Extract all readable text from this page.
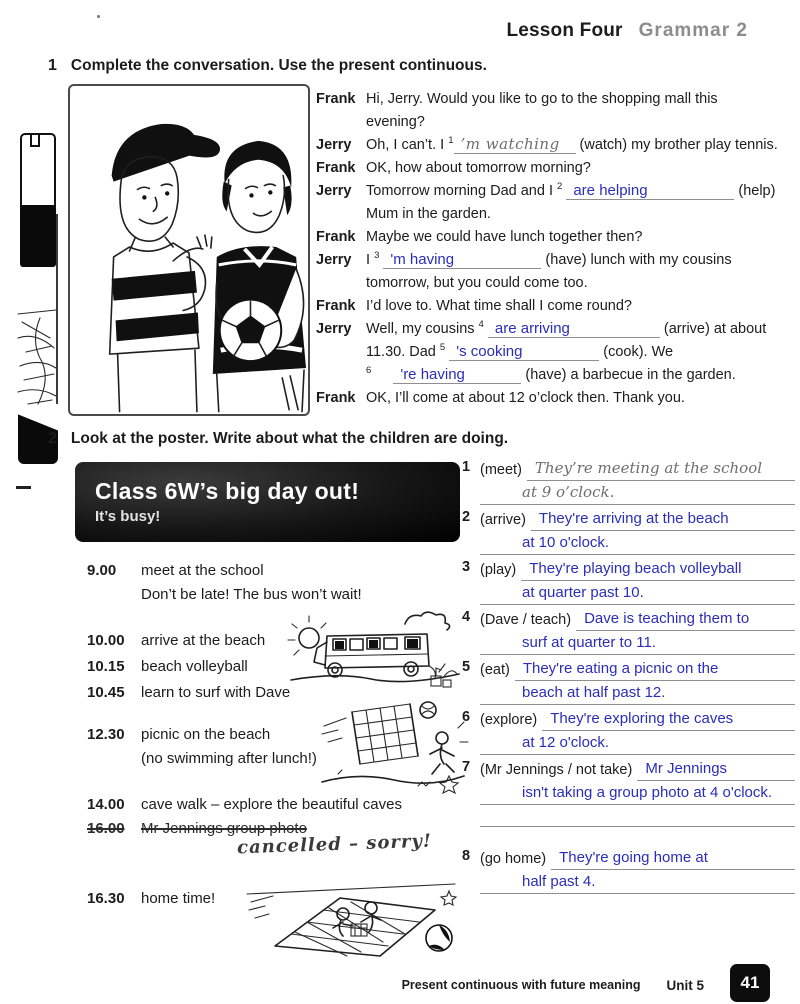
Lesson Four Grammar 2
1 Complete the conversation. Use the present continuous.
Frank Hi, Jerry. Would you like to go to the shopping mall this
evening?
Jerry	Oh, I can’t. I $^1$ ’m watching (watch) my brother play tennis.
Frank OK, how about tomorrow morning?
Jerry	Tomorrow morning Dad and I $^2$ are helping	(help)
Mum in the garden.
Frank Maybe we could have lunch together then?
Jerry	I $^3$ 'm having	(have) lunch with my cousins
tomorrow, but you could come too.
Frank I’d love to. What time shall I come round?
Jerry	Well, my cousins $^4$ are arriving	(arrive) at about
11.30. Dad $^5$ 's cooking	(cook). We
$^6$ 're having	(have) a barbecue in the garden.
Frank OK, I’ll come at about 12 o’clock then. Thank you.
2 Look at the poster. Write about what the children are doing.
Class 6W’s big day out!
It’s busy!
9.00	meet at the school
Don’t be late! The bus won’t wait!
10.00	arrive at the beach
10.15	beach volleyball
10.45	learn to surf with Dave
12.30	picnic on the beach
(no swimming after lunch!)
14.00	cave walk – explore the beautiful caves
16.00	Mr Jennings group photo
cancelled – sorry!
16.30	home time!
1 (meet) They’re meeting at the school
at 9 o’clock.
2 (arrive) They're arriving at the beach
at 10 o'clock.
3 (play) They're playing beach volleyball
at quarter past 10.
4 (Dave / teach) Dave is teaching them to
surf at quarter to 11.
5 (eat) They're eating a picnic on the
beach at half past 12.
6 (explore) They're exploring the caves
at 12 o'clock.
7 (Mr Jennings / not take) Mr Jennings
isn't taking a group photo at 4 o'clock.
8 (go home) They're going home at
half past 4.
Present continuous with future meaning Unit 5	41
